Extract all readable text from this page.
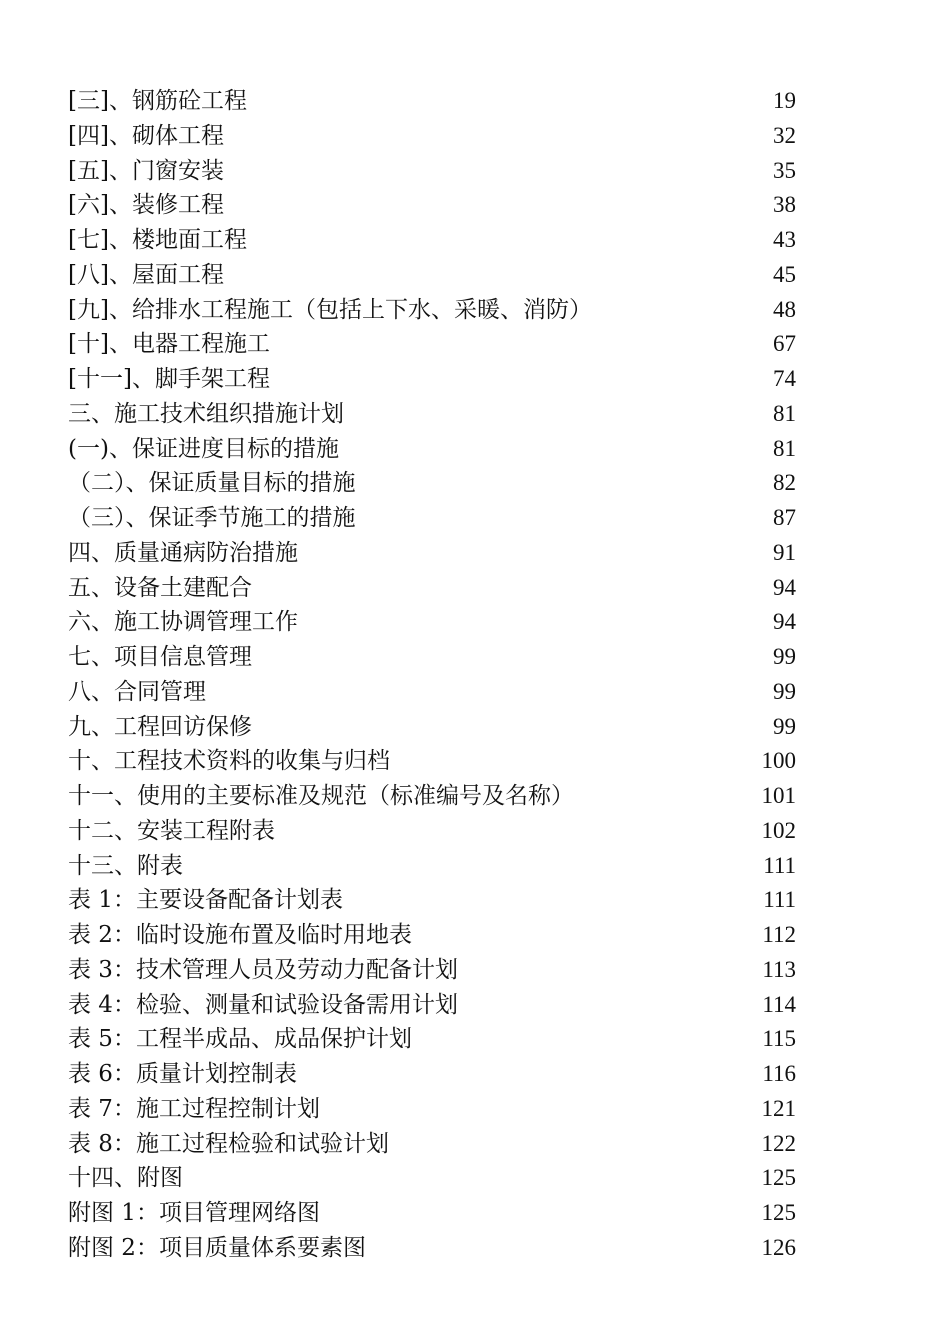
[三]、钢筋砼工程	19
[四]、砌体工程	32
[五]、门窗安装	35
[六]、装修工程	38
[七]、楼地面工程	43
[八]、屋面工程	45
[九]、给排水工程施工（包括上下水、采暖、消防）	48
[十]、电器工程施工	67
[十一]、脚手架工程	74
三、施工技术组织措施计划	81
(一)、保证进度目标的措施	81
（二）、保证质量目标的措施	82
（三）、保证季节施工的措施	87
四、质量通病防治措施	91
五、设备土建配合	94
六、施工协调管理工作	94
七、项目信息管理	99
八、合同管理	99
九、工程回访保修	99
十、工程技术资料的收集与归档	100
十一、使用的主要标准及规范（标准编号及名称）	101
十二、安装工程附表	102
十三、附表	111
表 1：主要设备配备计划表	111
表 2：临时设施布置及临时用地表	112
表 3：技术管理人员及劳动力配备计划	113
表 4：检验、测量和试验设备需用计划	114
表 5：工程半成品、成品保护计划	115
表 6：质量计划控制表	116
表 7：施工过程控制计划	121
表 8：施工过程检验和试验计划	122
十四、附图	125
附图 1：项目管理网络图	125
附图 2：项目质量体系要素图	126
